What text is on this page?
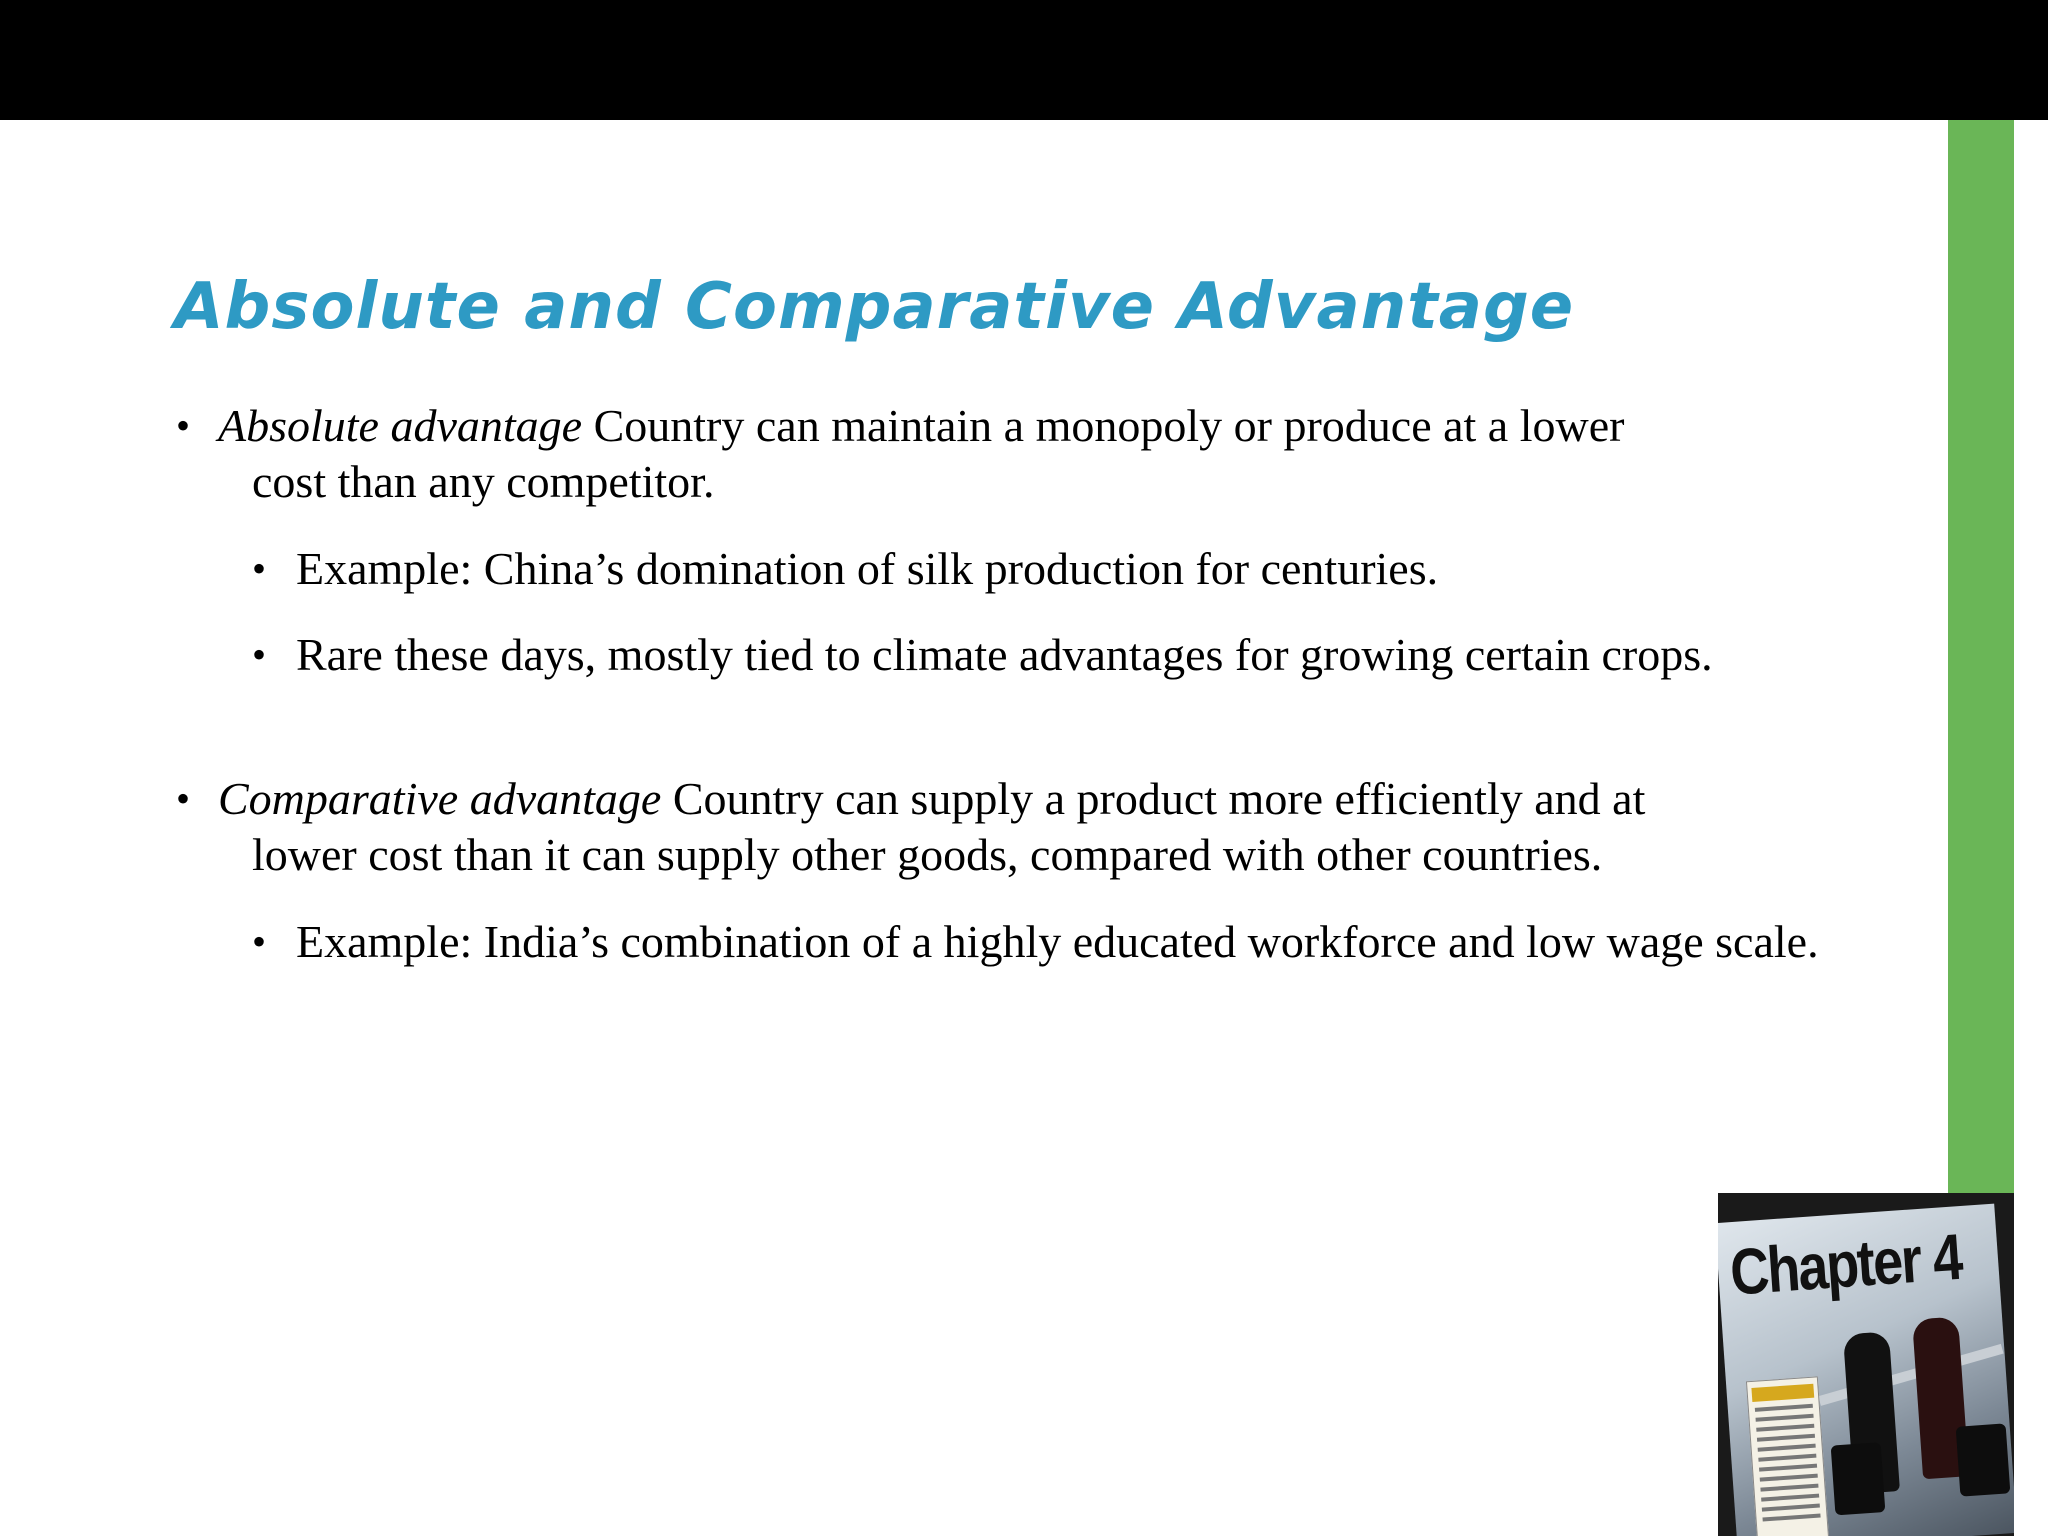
Absolute and Comparative Advantage
• Absolute advantage Country can maintain a monopoly or produce at a lower
cost than any competitor.
• Example: China’s domination of silk production for centuries.
• Rare these days, mostly tied to climate advantages for growing certain crops.
• Comparative advantage Country can supply a product more efficiently and at
lower cost than it can supply other goods, compared with other countries.
• Example: India’s combination of a highly educated workforce and low wage scale.
Chapter 4
